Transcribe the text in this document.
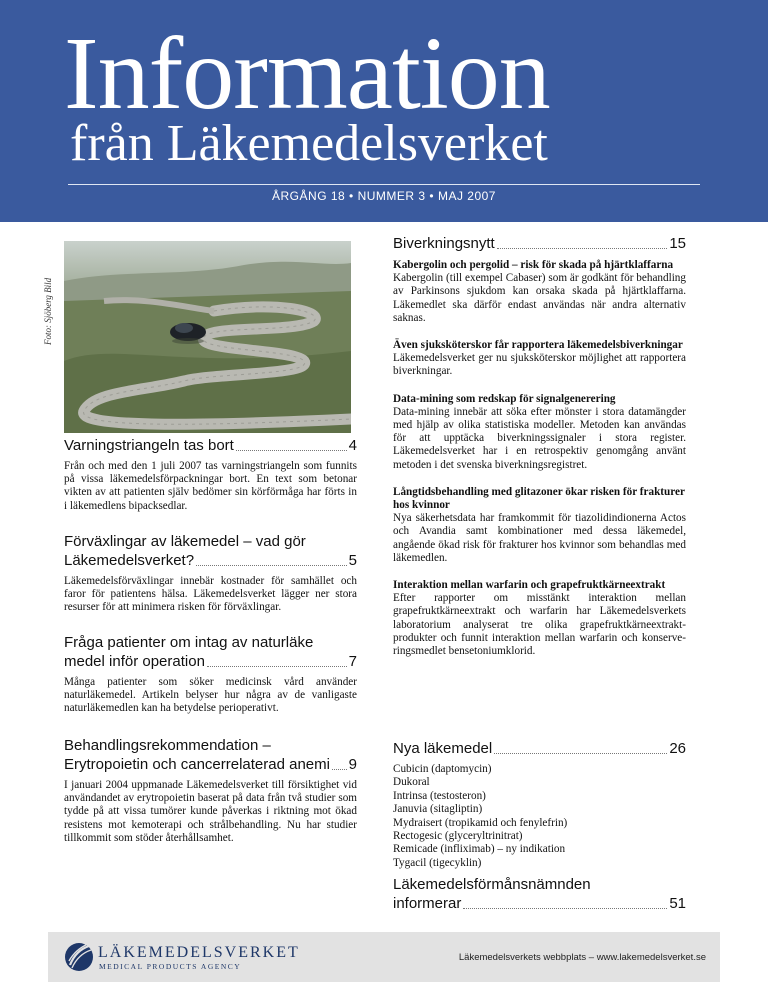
Information
från Läkemedelsverket
ÅRGÅNG 18 • NUMMER 3 • MAJ 2007
Foto: Sjöberg Bild
Varningstriangeln tas bort	4

Från och med den 1 juli 2007 tas varningstriangeln som funnits på vissa läkemedelsförpackningar bort. En text som betonar vikten av att patienten själv bedömer sin körförmåga har förts in i läkemedlens bipacksedlar.

Förväxlingar av läkemedel – vad gör
Läkemedelsverket?	5

Läkemedelsförväxlingar innebär kostnader för samhället och faror för patientens hälsa. Läkemedelsverket lägger ner stora resurser för att minimera risken för förväxlingar.

Fråga patienter om intag av naturläke
medel inför operation	7

Många patienter som söker medicinsk vård använder naturläkemedel. Artikeln belyser hur några av de vanligaste naturläkemedlen kan ha betydelse perioperativt.

Behandlingsrekommendation –
Erytropoietin och cancerrelaterad anemi 9

I januari 2004 uppmanade Läkemedelsverket till försiktighet vid användandet av erytropoietin baserat på data från två studier som tydde på att vissa tumörer kunde påverkas i riktning mot ökad resistens mot kemoterapi och strålbehandling. Nu har studier tillkommit som stöder återhållsamhet.

Biverkningsnytt	15
Kabergolin och pergolid – risk för skada på hjärtklaffarna
Kabergolin (till exempel Cabaser) som är godkänt för behandling av Parkinsons sjukdom kan orsaka skada på hjärtklaffarna. Läkemedlet ska därför endast användas när andra alternativ saknas.
Även sjuksköterskor får rapportera läkemedelsbiverkningar
Läkemedelsverket ger nu sjuksköterskor möjlighet att rapportera biverkningar.
Data-mining som redskap för signalgenerering
Data-mining innebär att söka efter mönster i stora datamängder med hjälp av olika statistiska modeller. Metoden kan användas för att upptäcka biverkningssignaler i stora register. Läkemedelsverket har i en retrospektiv genomgång använt metoden i det svenska biverkningsregistret.
Långtidsbehandling med glitazoner ökar risken för frakturer hos kvinnor
Nya säkerhetsdata har framkommit för tiazolidindionerna Actos och Avandia samt kombinationer med dessa läkemedel, angående ökad risk för frakturer hos kvinnor som behandlas med läkemedlen.
Interaktion mellan warfarin och grapefruktkärneextrakt
Efter rapporter om misstänkt interaktion mellan grapefruktkärneextrakt och warfarin har Läkemedelsverkets laboratorium analyserat tre olika grapefruktkärneextrakt-produkter och funnit interaktion mellan warfarin och konserveringsmedlet bensetoniumklorid.
Nya läkemedel	26
Cubicin (daptomycin)
Dukoral
Intrinsa (testosteron)
Januvia (sitagliptin)
Mydraisert (tropikamid och fenylefrin)
Rectogesic (glyceryltrinitrat)
Remicade (infliximab) – ny indikation
Tygacil (tigecyklin)
Läkemedelsförmånsnämnden
informerar	51
LÄKEMEDELSVERKET
MEDICAL PRODUCTS AGENCY
Läkemedelsverkets webbplats – www.lakemedelsverket.se
